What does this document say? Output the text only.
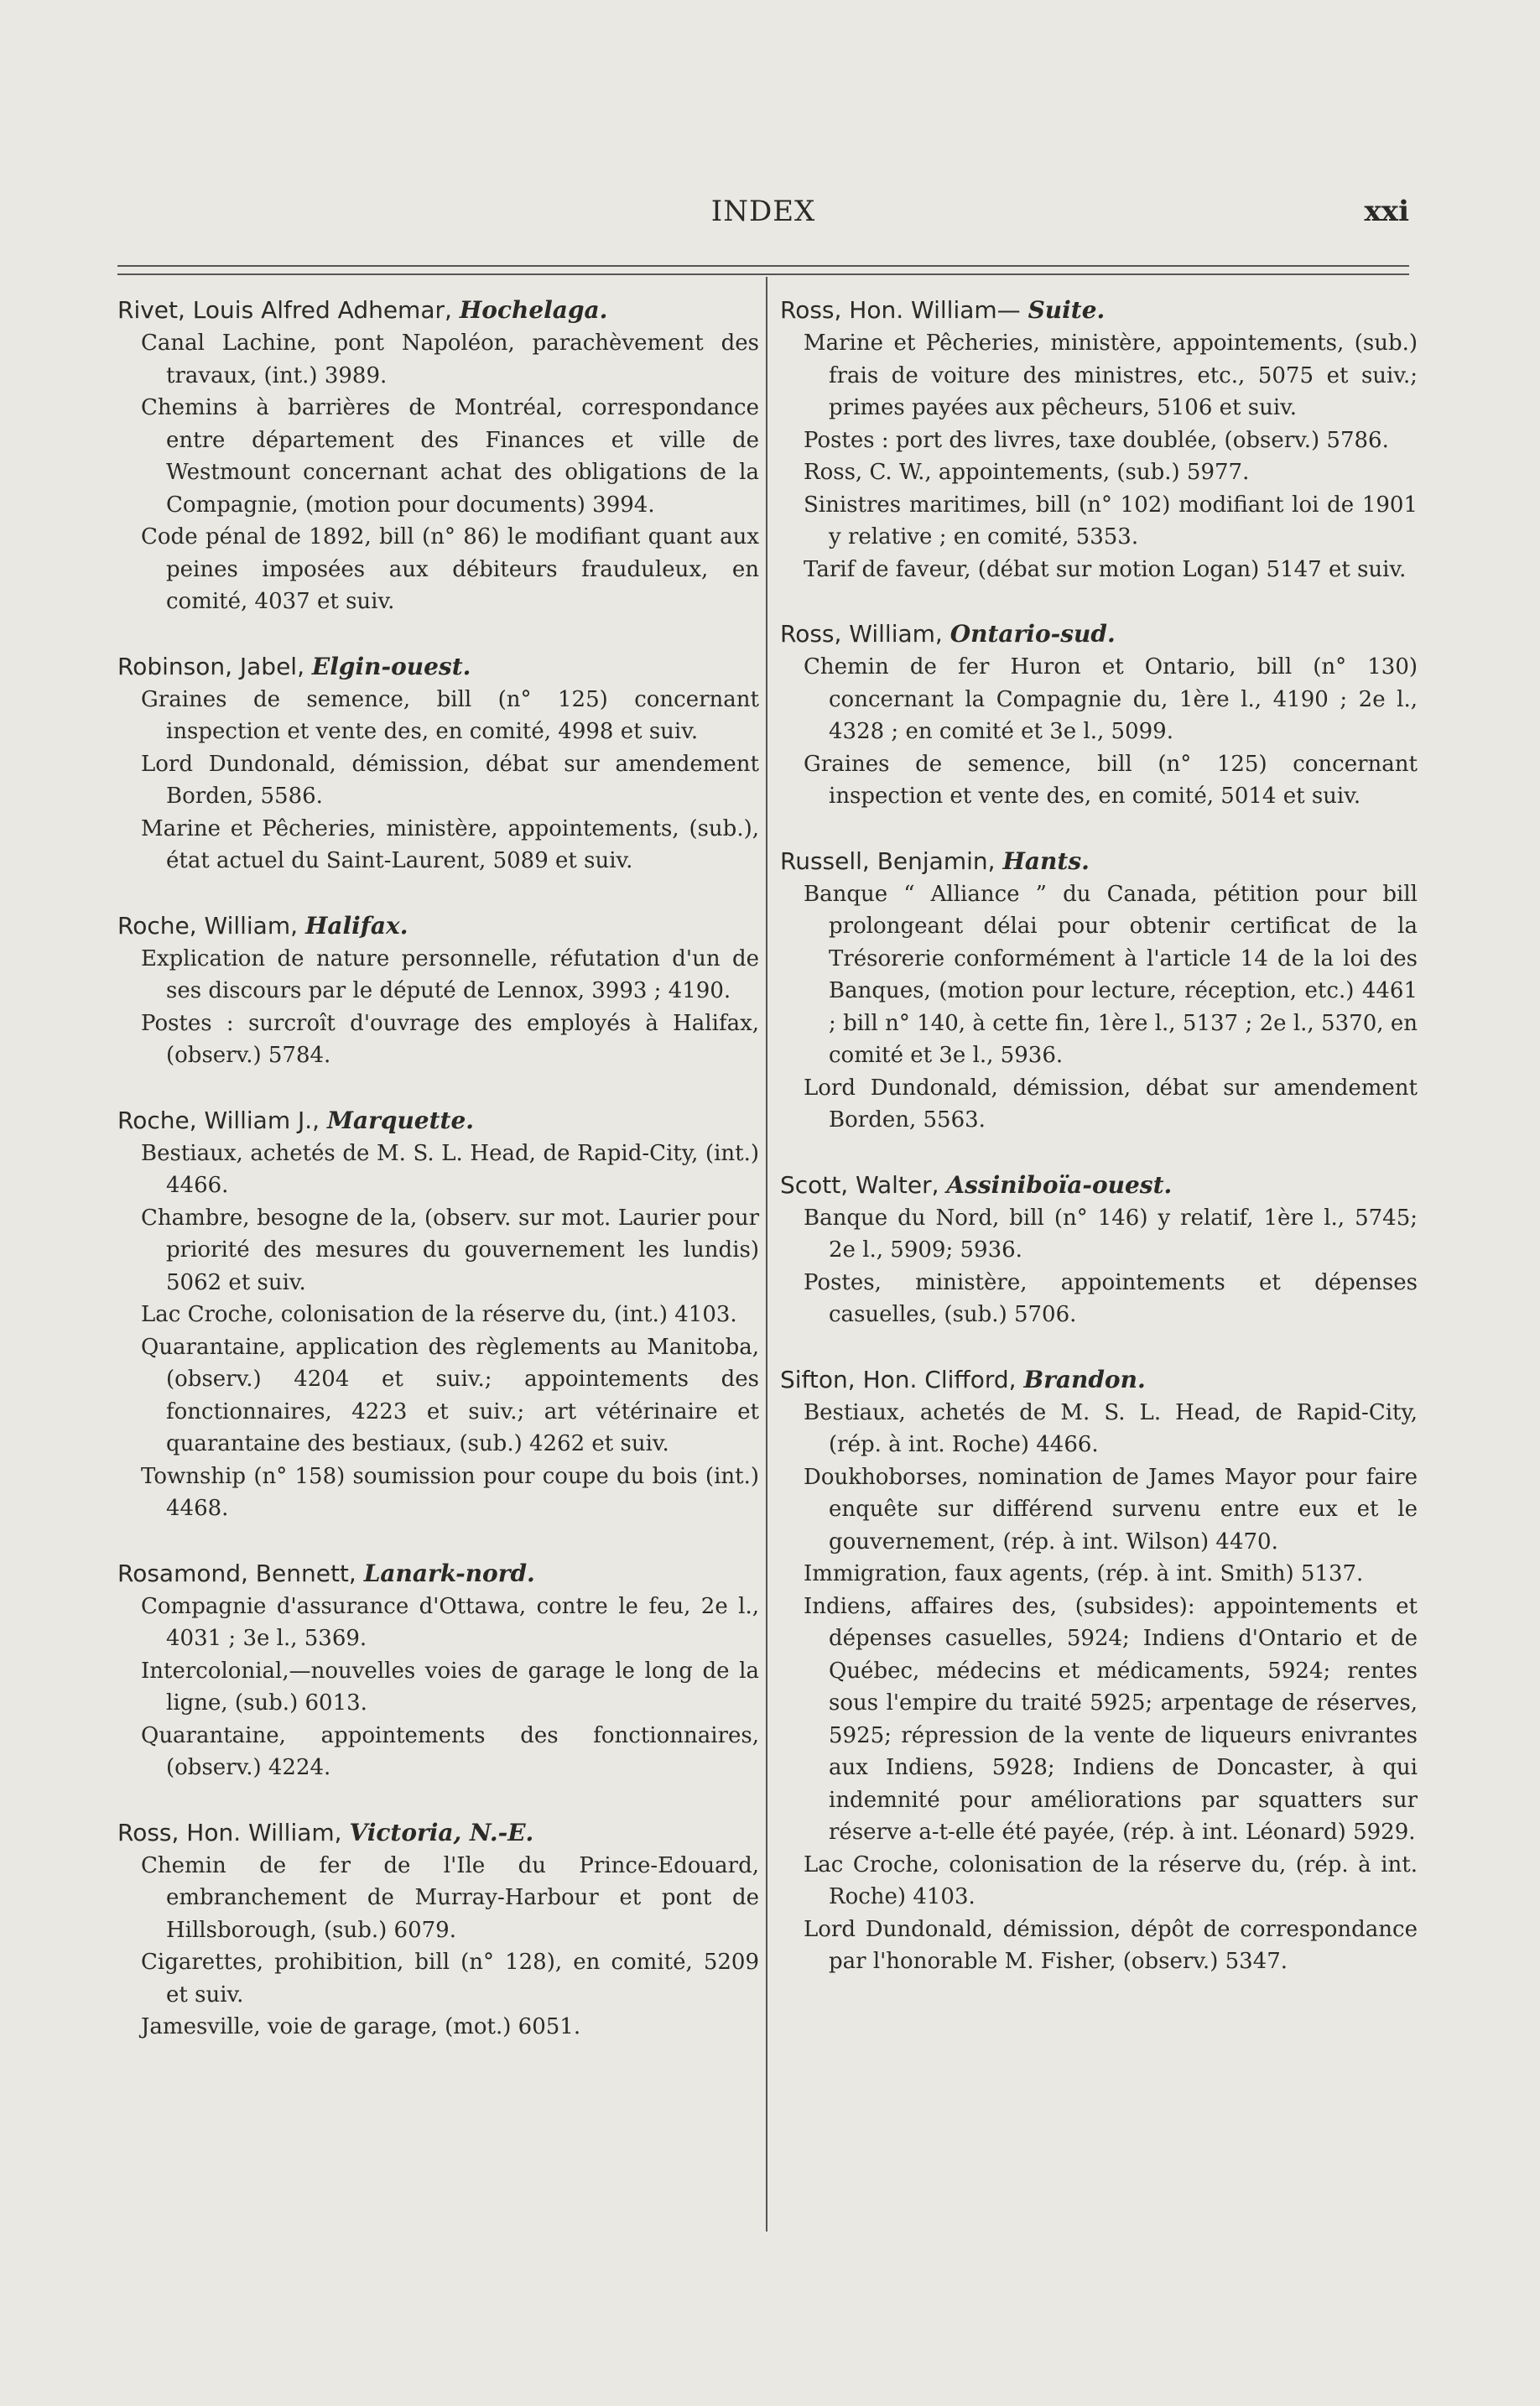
INDEX	xxi

Rivet, Louis Alfred Adhemar, Hochelaga.

Canal Lachine, pont Napoléon, parachèvement des travaux, (int.) 3989.

Chemins à barrières de Montréal, correspondance entre département des Finances et ville de Westmount concernant achat des obligations de la Compagnie, (motion pour documents) 3994.

Code pénal de 1892, bill (n° 86) le modifiant quant aux peines imposées aux débiteurs frauduleux, en comité, 4037 et suiv.

Robinson, Jabel, Elgin-ouest.

Graines de semence, bill (n° 125) concernant inspection et vente des, en comité, 4998 et suiv.

Lord Dundonald, démission, débat sur amendement Borden, 5586.

Marine et Pêcheries, ministère, appointements, (sub.), état actuel du Saint-Laurent, 5089 et suiv.

Roche, William, Halifax.

Explication de nature personnelle, réfutation d'un de ses discours par le député de Lennox, 3993 ; 4190.

Postes : surcroît d'ouvrage des employés à Halifax, (observ.) 5784.

Roche, William J., Marquette.

Bestiaux, achetés de M. S. L. Head, de Rapid-City, (int.) 4466.

Chambre, besogne de la, (observ. sur mot. Laurier pour priorité des mesures du gouvernement les lundis) 5062 et suiv.

Lac Croche, colonisation de la réserve du, (int.) 4103.

Quarantaine, application des règlements au Manitoba, (observ.) 4204 et suiv.; appointements des fonctionnaires, 4223 et suiv.; art vétérinaire et quarantaine des bestiaux, (sub.) 4262 et suiv.

Township (n° 158) soumission pour coupe du bois (int.) 4468.

Rosamond, Bennett, Lanark-nord.

Compagnie d'assurance d'Ottawa, contre le feu, 2e l., 4031 ; 3e l., 5369.

Intercolonial,—nouvelles voies de garage le long de la ligne, (sub.) 6013.

Quarantaine, appointements des fonctionnaires, (observ.) 4224.

Ross, Hon. William, Victoria, N.-E.

Chemin de fer de l'Ile du Prince-Edouard, embranchement de Murray-Harbour et pont de Hillsborough, (sub.) 6079.

Cigarettes, prohibition, bill (n° 128), en comité, 5209 et suiv.

Jamesville, voie de garage, (mot.) 6051.

Ross, Hon. William— Suite.

Marine et Pêcheries, ministère, appointements, (sub.) frais de voiture des ministres, etc., 5075 et suiv.; primes payées aux pêcheurs, 5106 et suiv.

Postes : port des livres, taxe doublée, (observ.) 5786.

Ross, C. W., appointements, (sub.) 5977.

Sinistres maritimes, bill (n° 102) modifiant loi de 1901 y relative ; en comité, 5353.

Tarif de faveur, (débat sur motion Logan) 5147 et suiv.

Ross, William, Ontario-sud.

Chemin de fer Huron et Ontario, bill (n° 130) concernant la Compagnie du, 1ère l., 4190 ; 2e l., 4328 ; en comité et 3e l., 5099.

Graines de semence, bill (n° 125) concernant inspection et vente des, en comité, 5014 et suiv.

Russell, Benjamin, Hants.

Banque “ Alliance ” du Canada, pétition pour bill prolongeant délai pour obtenir certificat de la Trésorerie conformément à l'article 14 de la loi des Banques, (motion pour lecture, réception, etc.) 4461 ; bill n° 140, à cette fin, 1ère l., 5137 ; 2e l., 5370, en comité et 3e l., 5936.

Lord Dundonald, démission, débat sur amendement Borden, 5563.

Scott, Walter, Assiniboïa-ouest.

Banque du Nord, bill (n° 146) y relatif, 1ère l., 5745; 2e l., 5909; 5936.

Postes, ministère, appointements et dépenses casuelles, (sub.) 5706.

Sifton, Hon. Clifford, Brandon.

Bestiaux, achetés de M. S. L. Head, de Rapid-City, (rép. à int. Roche) 4466.

Doukhoborses, nomination de James Mayor pour faire enquête sur différend survenu entre eux et le gouvernement, (rép. à int. Wilson) 4470.

Immigration, faux agents, (rép. à int. Smith) 5137.

Indiens, affaires des, (subsides): appointements et dépenses casuelles, 5924; Indiens d'Ontario et de Québec, médecins et médicaments, 5924; rentes sous l'empire du traité 5925; arpentage de réserves, 5925; répression de la vente de liqueurs enivrantes aux Indiens, 5928; Indiens de Doncaster, à qui indemnité pour améliorations par squatters sur réserve a-t-elle été payée, (rép. à int. Léonard) 5929.

Lac Croche, colonisation de la réserve du, (rép. à int. Roche) 4103.

Lord Dundonald, démission, dépôt de correspondance par l'honorable M. Fisher, (observ.) 5347.
